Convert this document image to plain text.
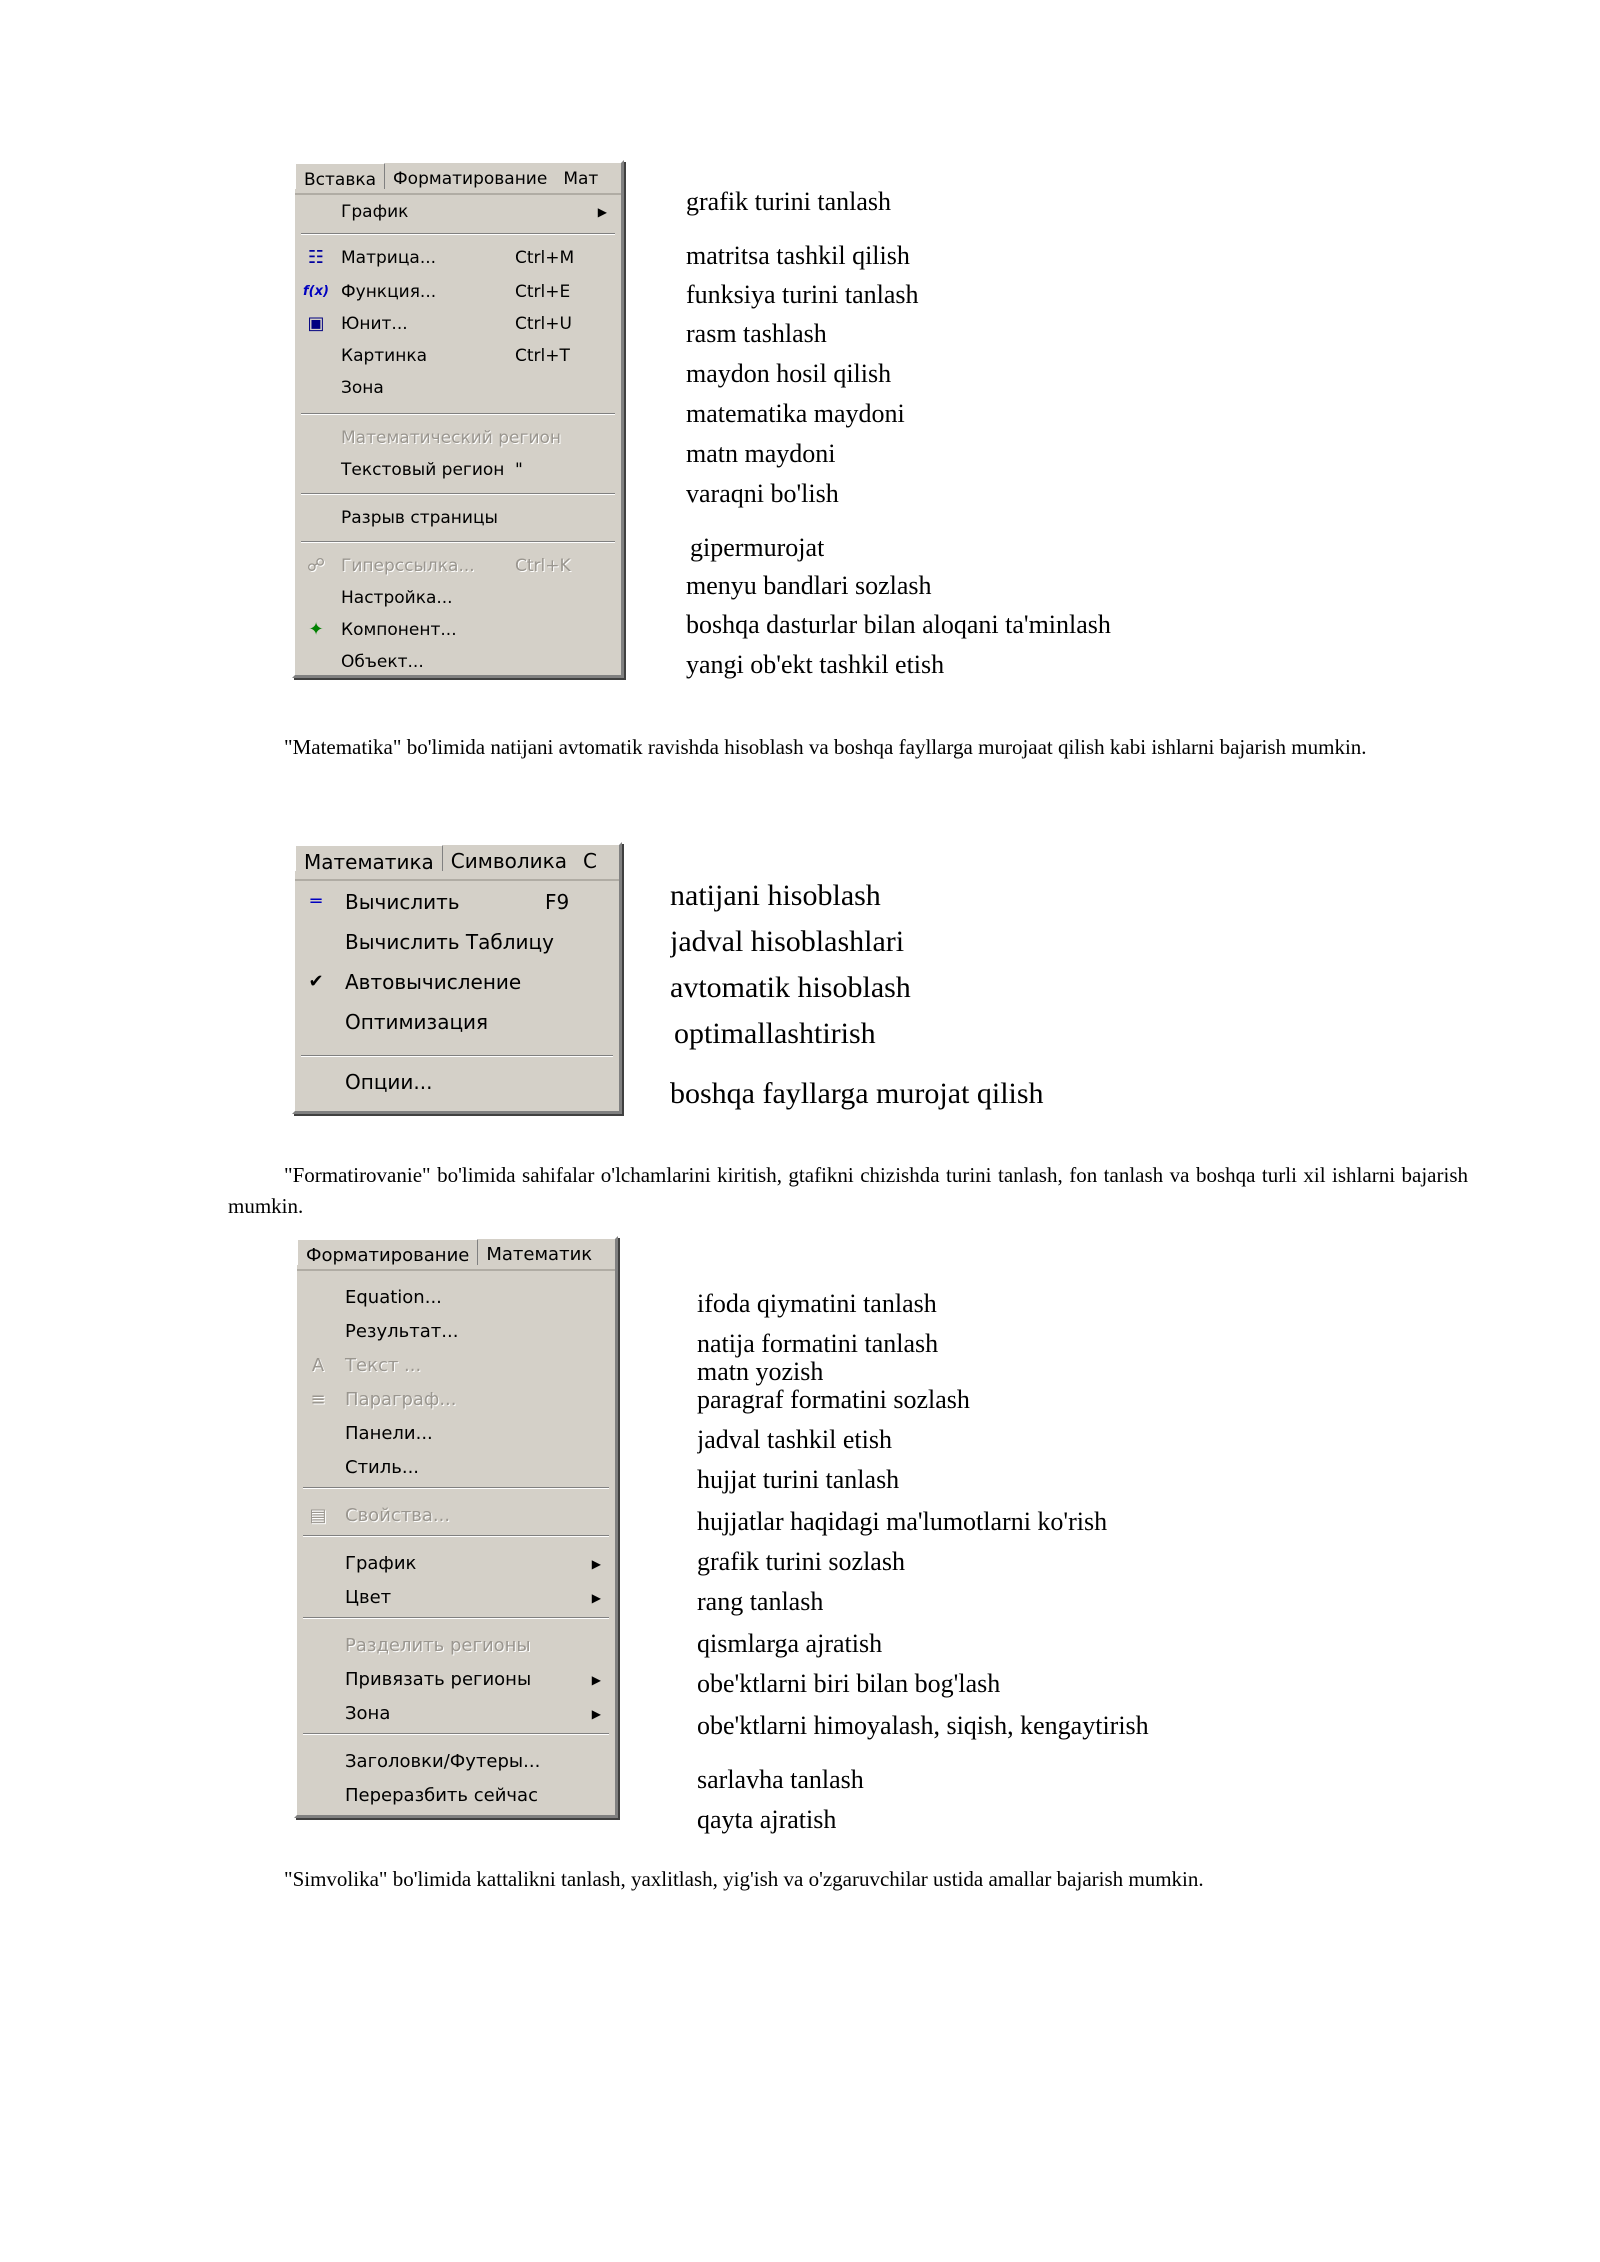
Вставка	Форматирование Мат
График	▶
☷ Матрица...	Ctrl+M
f(x) Функция...	Ctrl+E
▣ Юнит...	Ctrl+U
Картинка	Ctrl+T
Зона
Математический регион
Текстовый регион "
Разрыв страницы
☍ Гиперссылка... Ctrl+K
Настройка...
✦	Компонент...
Объект...
grafik turini tanlash
matritsa tashkil qilish
funksiya turini tanlash
rasm tashlash
maydon hosil qilish
matematika maydoni
matn maydoni
varaqni bo'lish
gipermurojat
menyu bandlari sozlash
boshqa dasturlar bilan aloqani ta'minlash
yangi ob'ekt tashkil etish
"Matematika" bo'limida natijani avtomatik ravishda hisoblash va boshqa fayllarga murojaat qilish kabi ishlarni bajarish mumkin.
Математика Символика С
═	Вычислить	F9
Вычислить Таблицу
✔ Автовычисление
Оптимизация
Опции...
natijani hisoblash
jadval hisoblashlari
avtomatik hisoblash
optimallashtirish
boshqa fayllarga murojat qilish
"Formatirovanie" bo'limida sahifalar o'lchamlarini kiritish, gtafikni chizishda turini tanlash, fon tanlash va boshqa turli xil ishlarni bajarish mumkin.
Форматирование Математик
Equation...
Результат...
A	Текст ...
≡	Параграф...
Панели...
Стиль...
▤ Свойства...
График	▶
Цвет	▶
Разделить регионы
Привязать регионы	▶
Зона	▶
Заголовки/Футеры...
Переразбить сейчас
ifoda qiymatini tanlash
natija formatini tanlash
matn yozish
paragraf formatini sozlash
jadval tashkil etish
hujjat turini tanlash
hujjatlar haqidagi ma'lumotlarni ko'rish
grafik turini sozlash
rang tanlash
qismlarga ajratish
obe'ktlarni biri bilan bog'lash
obe'ktlarni himoyalash, siqish, kengaytirish
sarlavha tanlash
qayta ajratish
"Simvolika" bo'limida kattalikni tanlash, yaxlitlash, yig'ish va o'zgaruvchilar ustida amallar bajarish mumkin.
